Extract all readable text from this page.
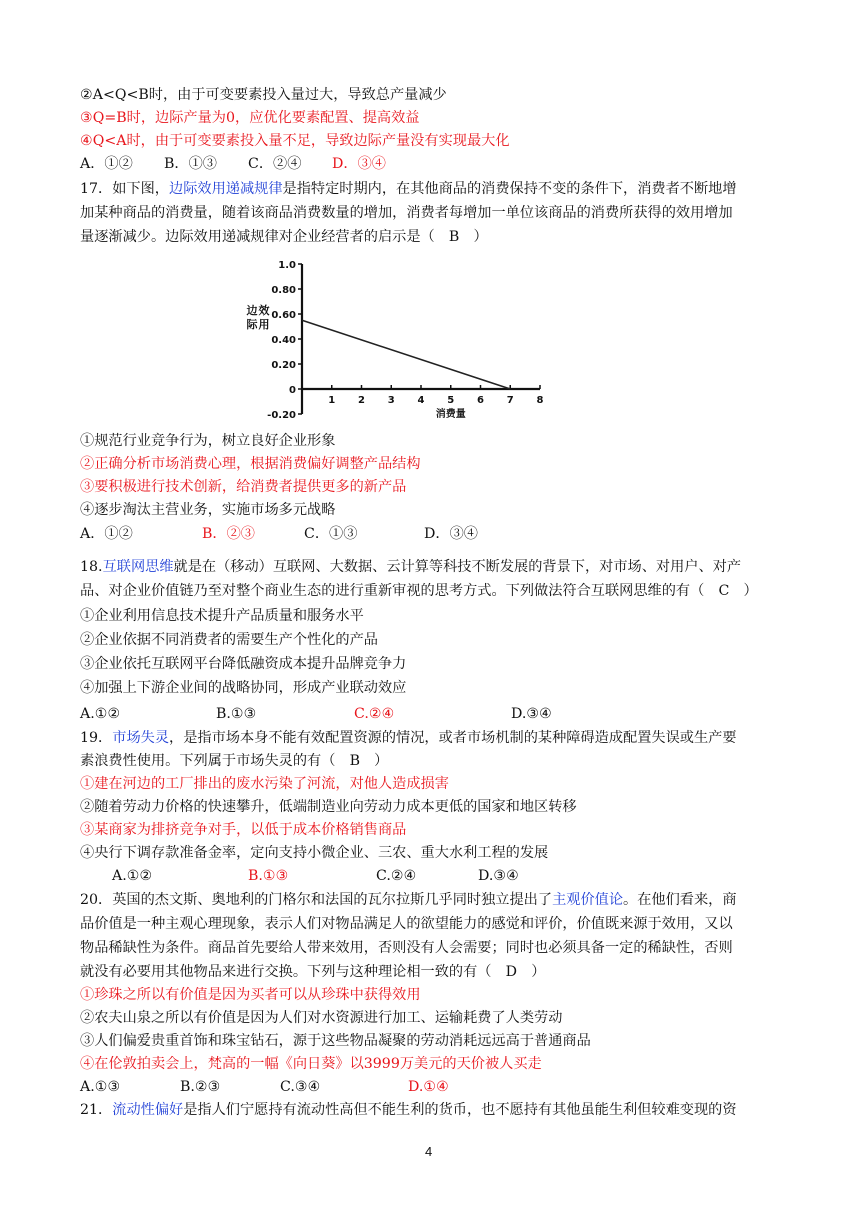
②A<Q<B时，由于可变要素投入量过大，导致总产量减少
③Q=B时，边际产量为0，应优化要素配置、提高效益
④Q<A时，由于可变要素投入量不足，导致边际产量没有实现最大化
A．①② B．①③ C．②④ D．③④
17．如下图，边际效用递减规律是指特定时期内，在其他商品的消费保持不变的条件下，消费者不断地增
加某种商品的消费量，随着该商品消费数量的增加，消费者每增加一单位该商品的消费所获得的效用增加
量逐渐减少。边际效用递减规律对企业经营者的启示是（　B　）
1.0
0.80
0.60
0.40
0.20
0
-0.20
1 2 3 4 5 6 7 8
边
际
效
用
消费量
①规范行业竞争行为，树立良好企业形象
②正确分析市场消费心理，根据消费偏好调整产品结构
③要积极进行技术创新，给消费者提供更多的新产品
④逐步淘汰主营业务，实施市场多元战略
A．①②	B．②③	C．①③	D．③④
18.互联网思维就是在（移动）互联网、大数据、云计算等科技不断发展的背景下，对市场、对用户、对产
品、对企业价值链乃至对整个商业生态的进行重新审视的思考方式。下列做法符合互联网思维的有（　C　）
①企业利用信息技术提升产品质量和服务水平
②企业依据不同消费者的需要生产个性化的产品
③企业依托互联网平台降低融资成本提升品牌竞争力
④加强上下游企业间的战略协同，形成产业联动效应
A.①②	B.①③	C.②④	D.③④
19．市场失灵，是指市场本身不能有效配置资源的情况，或者市场机制的某种障碍造成配置失误或生产要
素浪费性使用。下列属于市场失灵的有（　B　）
①建在河边的工厂排出的废水污染了河流，对他人造成损害
②随着劳动力价格的快速攀升，低端制造业向劳动力成本更低的国家和地区转移
③某商家为排挤竞争对手，以低于成本价格销售商品
④央行下调存款准备金率，定向支持小微企业、三农、重大水利工程的发展
A.①②	B.①③	C.②④	D.③④
20．英国的杰文斯、奥地利的门格尔和法国的瓦尔拉斯几乎同时独立提出了主观价值论。在他们看来，商
品价值是一种主观心理现象，表示人们对物品满足人的欲望能力的感觉和评价，价值既来源于效用，又以
物品稀缺性为条件。商品首先要给人带来效用，否则没有人会需要；同时也必须具备一定的稀缺性，否则
就没有必要用其他物品来进行交换。下列与这种理论相一致的有（　D　）
①珍珠之所以有价值是因为买者可以从珍珠中获得效用
②农夫山泉之所以有价值是因为人们对水资源进行加工、运输耗费了人类劳动
③人们偏爱贵重首饰和珠宝钻石，源于这些物品凝聚的劳动消耗远远高于普通商品
④在伦敦拍卖会上，梵高的一幅《向日葵》以3999万美元的天价被人买走
A.①③	B.②③	C.③④	D.①④
21．流动性偏好是指人们宁愿持有流动性高但不能生利的货币，也不愿持有其他虽能生利但较难变现的资
4
